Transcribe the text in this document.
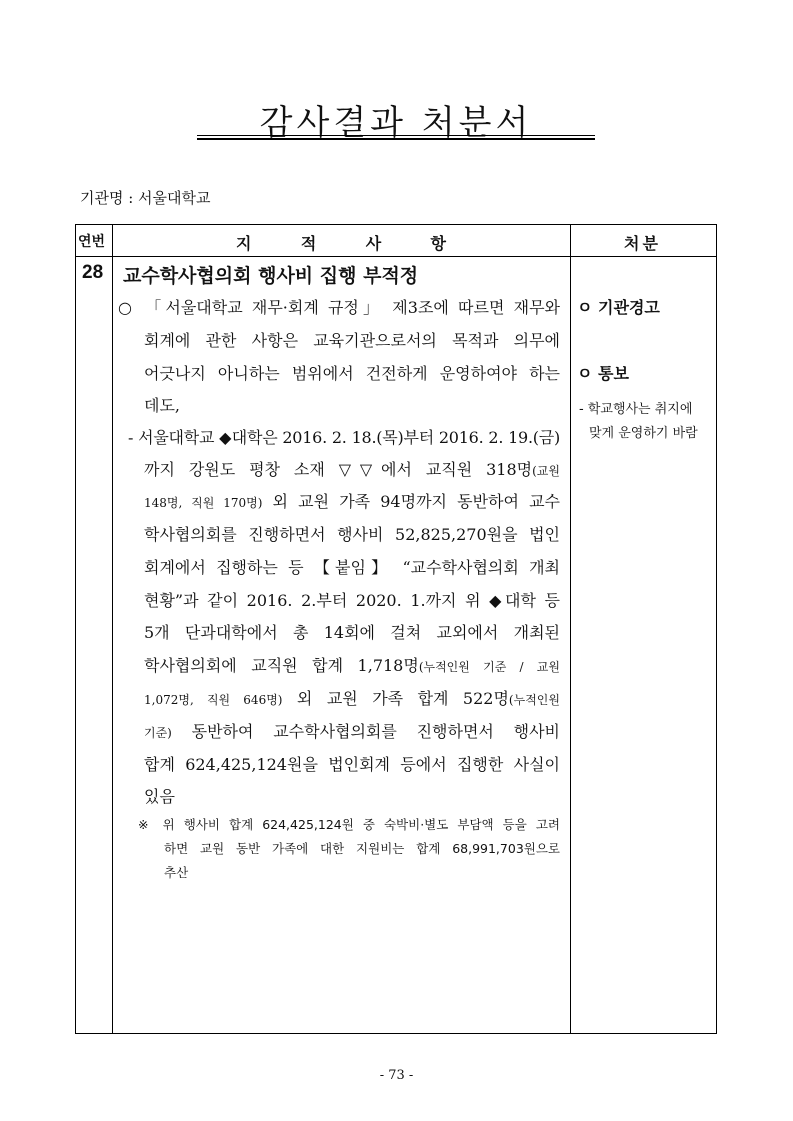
감사결과 처분서
기관명 : 서울대학교
연번	지 적 사 항	처분
28 교수학사협의회 행사비 집행 부적정
○ 「서울대학교 재무·회계 규정」 제3조에 따르면 재무와
회계에 관한 사항은 교육기관으로서의 목적과 의무에
어긋나지 아니하는 범위에서 건전하게 운영하여야 하는
데도,
- 서울대학교 ◆대학은 2016. 2. 18.(목)부터 2016. 2. 19.(금)
까지 강원도 평창 소재 ▽▽에서 교직원 318명(교원
148명, 직원 170명) 외 교원 가족 94명까지 동반하여 교수
학사협의회를 진행하면서 행사비 52,825,270원을 법인
회계에서 집행하는 등 【붙임】 “교수학사협의회 개최
현황”과 같이 2016. 2.부터 2020. 1.까지 위 ◆대학 등
5개 단과대학에서 총 14회에 걸쳐 교외에서 개최된
학사협의회에 교직원 합계 1,718명(누적인원 기준 / 교원
1,072명, 직원 646명) 외 교원 가족 합계 522명(누적인원
기준) 동반하여 교수학사협의회를 진행하면서 행사비
합계 624,425,124원을 법인회계 등에서 집행한 사실이
있음
※ 위 행사비 합계 624,425,124원 중 숙박비·별도 부담액 등을 고려
하면 교원 동반 가족에 대한 지원비는 합계 68,991,703원으로
추산
ㅇ 기관경고
ㅇ 통보
- 학교행사는 취지에
맞게 운영하기 바람
- 73 -
